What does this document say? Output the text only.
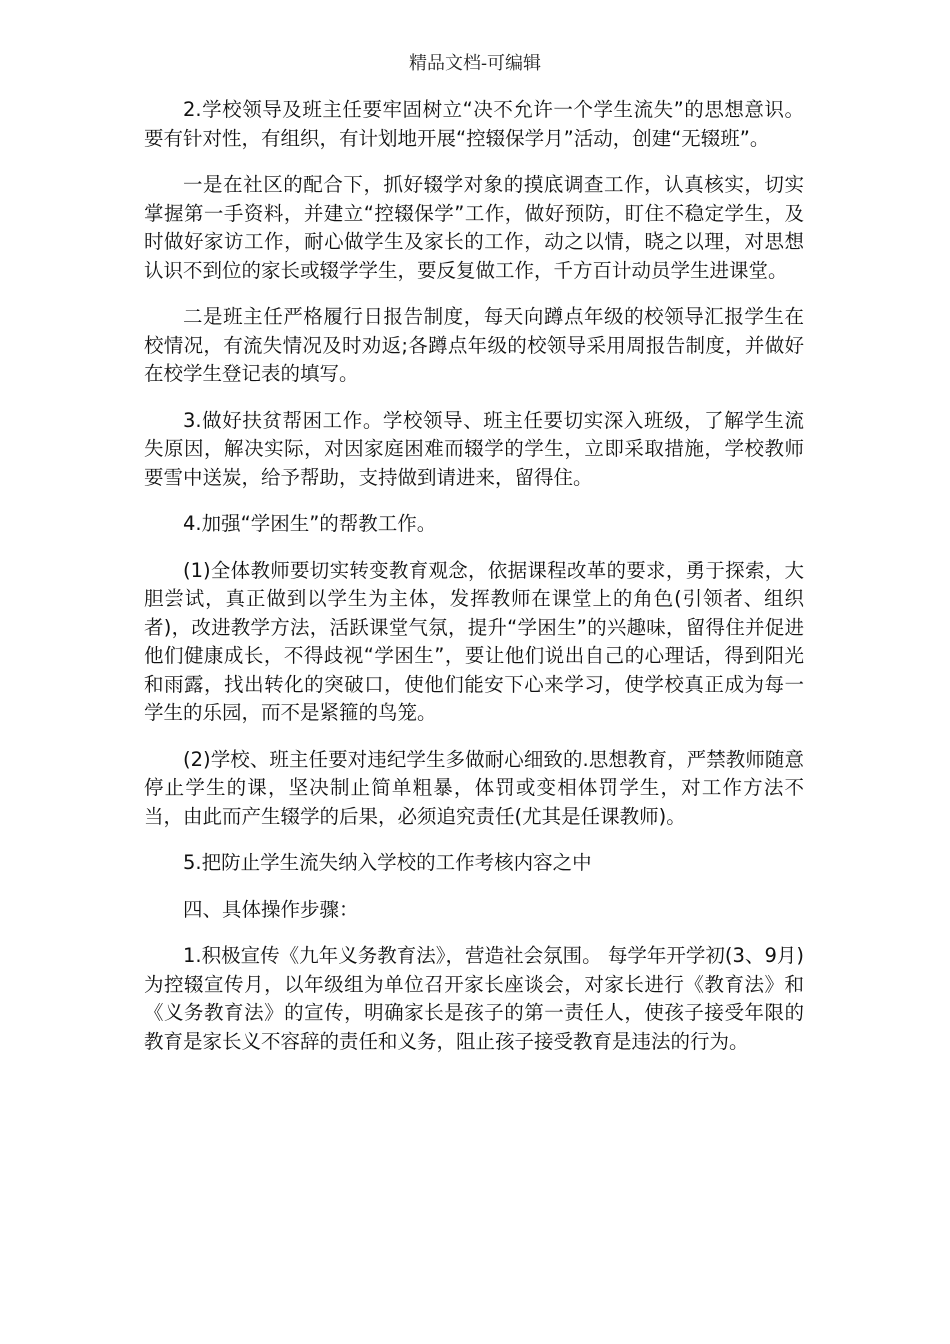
精品文档-可编辑

2.学校领导及班主任要牢固树立“决不允许一个学生流失”的思想意识。要有针对性，有组织，有计划地开展“控辍保学月”活动，创建“无辍班”。

一是在社区的配合下，抓好辍学对象的摸底调查工作，认真核实，切实掌握第一手资料，并建立“控辍保学”工作，做好预防，盯住不稳定学生，及时做好家访工作，耐心做学生及家长的工作，动之以情，晓之以理，对思想认识不到位的家长或辍学学生，要反复做工作，千方百计动员学生进课堂。

二是班主任严格履行日报告制度，每天向蹲点年级的校领导汇报学生在校情况，有流失情况及时劝返;各蹲点年级的校领导采用周报告制度，并做好在校学生登记表的填写。

3.做好扶贫帮困工作。学校领导、班主任要切实深入班级，了解学生流失原因，解决实际，对因家庭困难而辍学的学生，立即采取措施，学校教师要雪中送炭，给予帮助，支持做到请进来，留得住。

4.加强“学困生”的帮教工作。

(1)全体教师要切实转变教育观念，依据课程改革的要求，勇于探索，大胆尝试，真正做到以学生为主体，发挥教师在课堂上的角色(引领者、组织者)，改进教学方法，活跃课堂气氛，提升“学困生”的兴趣味，留得住并促进他们健康成长，不得歧视“学困生”，要让他们说出自己的心理话，得到阳光和雨露，找出转化的突破口，使他们能安下心来学习，使学校真正成为每一学生的乐园，而不是紧箍的鸟笼。

(2)学校、班主任要对违纪学生多做耐心细致的.思想教育，严禁教师随意停止学生的课，坚决制止简单粗暴，体罚或变相体罚学生，对工作方法不当，由此而产生辍学的后果，必须追究责任(尤其是任课教师)。

5.把防止学生流失纳入学校的工作考核内容之中

四、具体操作步骤：

1.积极宣传《九年义务教育法》，营造社会氛围。 每学年开学初(3、9月)为控辍宣传月，以年级组为单位召开家长座谈会，对家长进行《教育法》和《义务教育法》的宣传，明确家长是孩子的第一责任人，使孩子接受年限的教育是家长义不容辞的责任和义务，阻止孩子接受教育是违法的行为。
